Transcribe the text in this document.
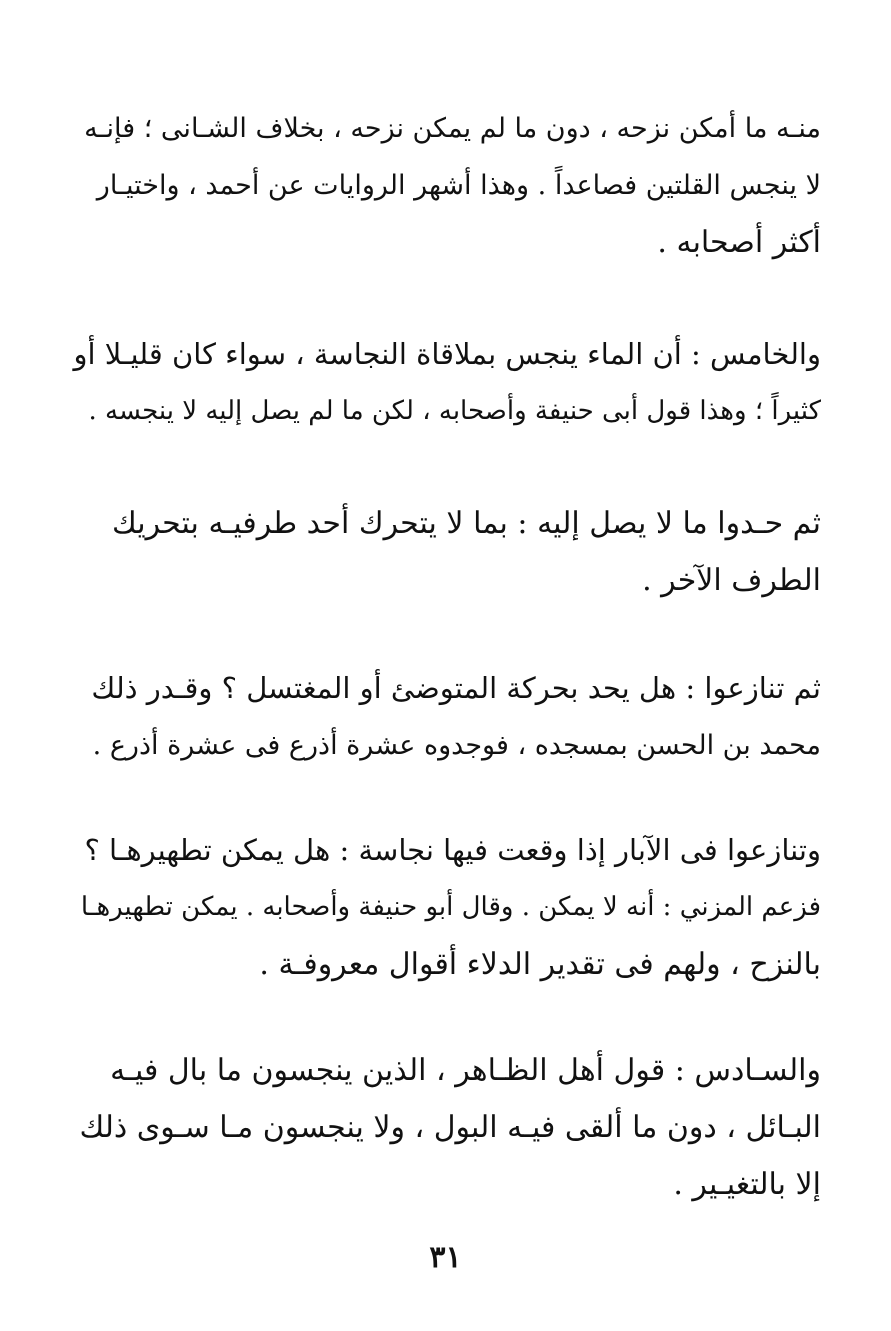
منـه ما أمكن نزحه ، دون ما لم يمكن نزحه ، بخلاف الشـانى ؛ فإنـه
لا ينجس القلتين فصاعداً . وهذا أشهر الروايات عن أحمد ، واختيـار
أكثر أصحابه .
والخامس : أن الماء ينجس بملاقاة النجاسة ، سواء كان قليـلا أو
كثيراً ؛ وهذا قول أبى حنيفة وأصحابه ، لكن ما لم يصل إليه لا ينجسه .
ثم حـدوا ما لا يصل إليه : بما لا يتحرك أحد طرفيـه بتحريك
الطرف الآخر .
ثم تنازعوا : هل يحد بحركة المتوضئ أو المغتسل ؟ وقـدر ذلك
محمد بن الحسن بمسجده ، فوجدوه عشرة أذرع فى عشرة أذرع .
وتنازعوا فى الآبار إذا وقعت فيها نجاسة : هل يمكن تطهيرهـا ؟
فزعم المزني : أنه لا يمكن . وقال أبو حنيفة وأصحابه . يمكن تطهيرهـا
بالنزح ، ولهم فى تقدير الدلاء أقوال معروفـة .
والسـادس : قول أهل الظـاهر ، الذين ينجسون ما بال فيـه
البـائل ، دون ما ألقى فيـه البول ، ولا ينجسون مـا سـوى ذلك
إلا بالتغيـير .
٣١
